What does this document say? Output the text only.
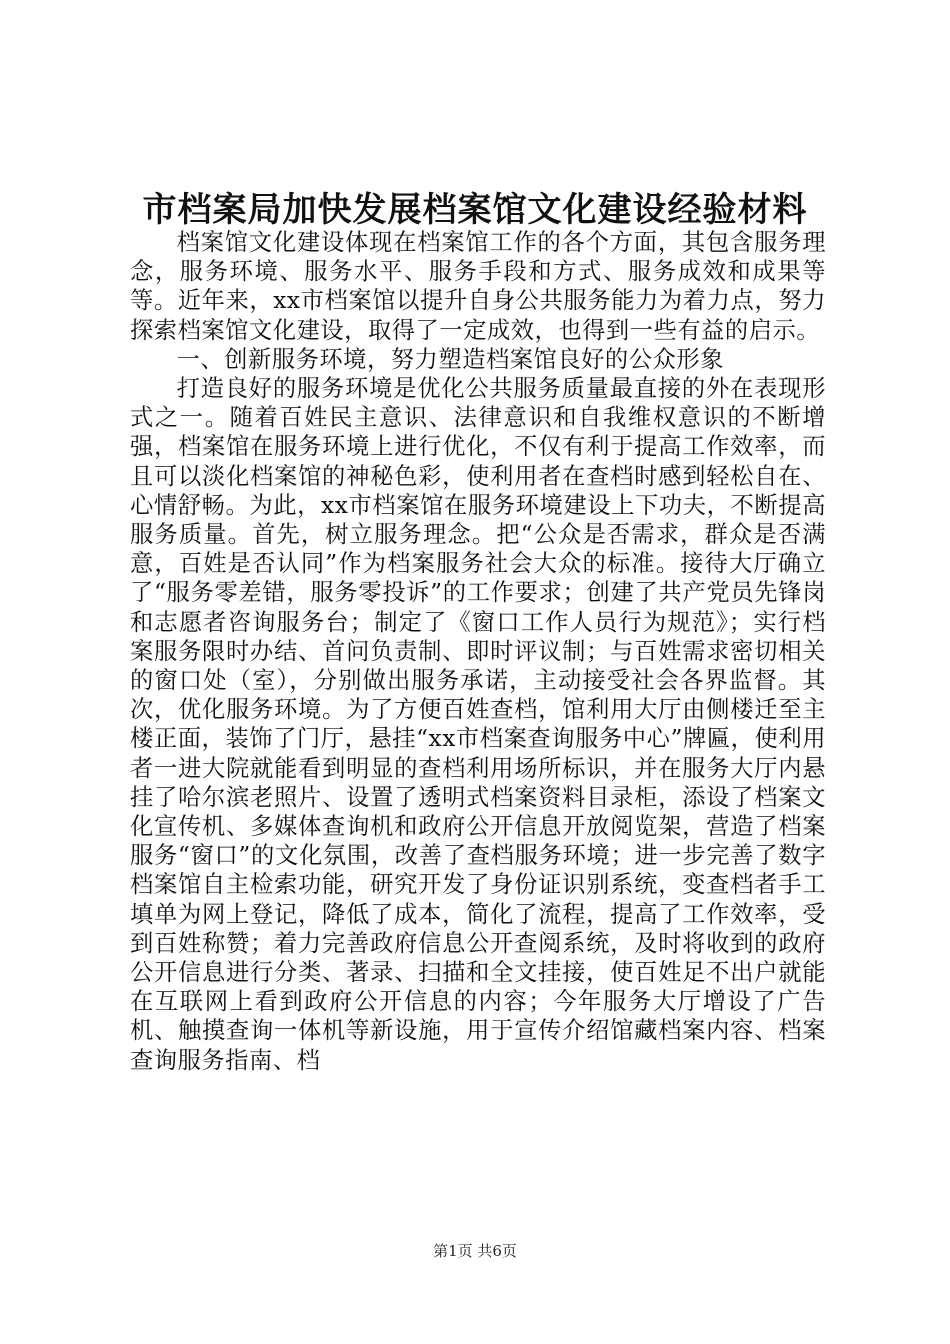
市档案局加快发展档案馆文化建设经验材料

档案馆文化建设体现在档案馆工作的各个方面，其包含服务理念，服务环境、服务水平、服务手段和方式、服务成效和成果等等。近年来，xx市档案馆以提升自身公共服务能力为着力点，努力探索档案馆文化建设，取得了一定成效，也得到一些有益的启示。

一、创新服务环境，努力塑造档案馆良好的公众形象

打造良好的服务环境是优化公共服务质量最直接的外在表现形式之一。随着百姓民主意识、法律意识和自我维权意识的不断增强，档案馆在服务环境上进行优化，不仅有利于提高工作效率，而且可以淡化档案馆的神秘色彩，使利用者在查档时感到轻松自在、心情舒畅。为此，xx市档案馆在服务环境建设上下功夫，不断提高服务质量。首先，树立服务理念。把“公众是否需求，群众是否满意，百姓是否认同”作为档案服务社会大众的标准。接待大厅确立了“服务零差错，服务零投诉”的工作要求；创建了共产党员先锋岗和志愿者咨询服务台；制定了《窗口工作人员行为规范》；实行档案服务限时办结、首问负责制、即时评议制；与百姓需求密切相关的窗口处（室），分别做出服务承诺，主动接受社会各界监督。其次，优化服务环境。为了方便百姓查档，馆利用大厅由侧楼迁至主楼正面，装饰了门厅，悬挂“xx市档案查询服务中心”牌匾，使利用者一进大院就能看到明显的查档利用场所标识，并在服务大厅内悬挂了哈尔滨老照片、设置了透明式档案资料目录柜，添设了档案文化宣传机、多媒体查询机和政府公开信息开放阅览架，营造了档案服务“窗口”的文化氛围，改善了查档服务环境；进一步完善了数字档案馆自主检索功能，研究开发了身份证识别系统，变查档者手工填单为网上登记，降低了成本，简化了流程，提高了工作效率，受到百姓称赞；着力完善政府信息公开查阅系统，及时将收到的政府公开信息进行分类、著录、扫描和全文挂接，使百姓足不出户就能在互联网上看到政府公开信息的内容；今年服务大厅增设了广告机、触摸查询一体机等新设施，用于宣传介绍馆藏档案内容、档案查询服务指南、档

第1页 共6页
